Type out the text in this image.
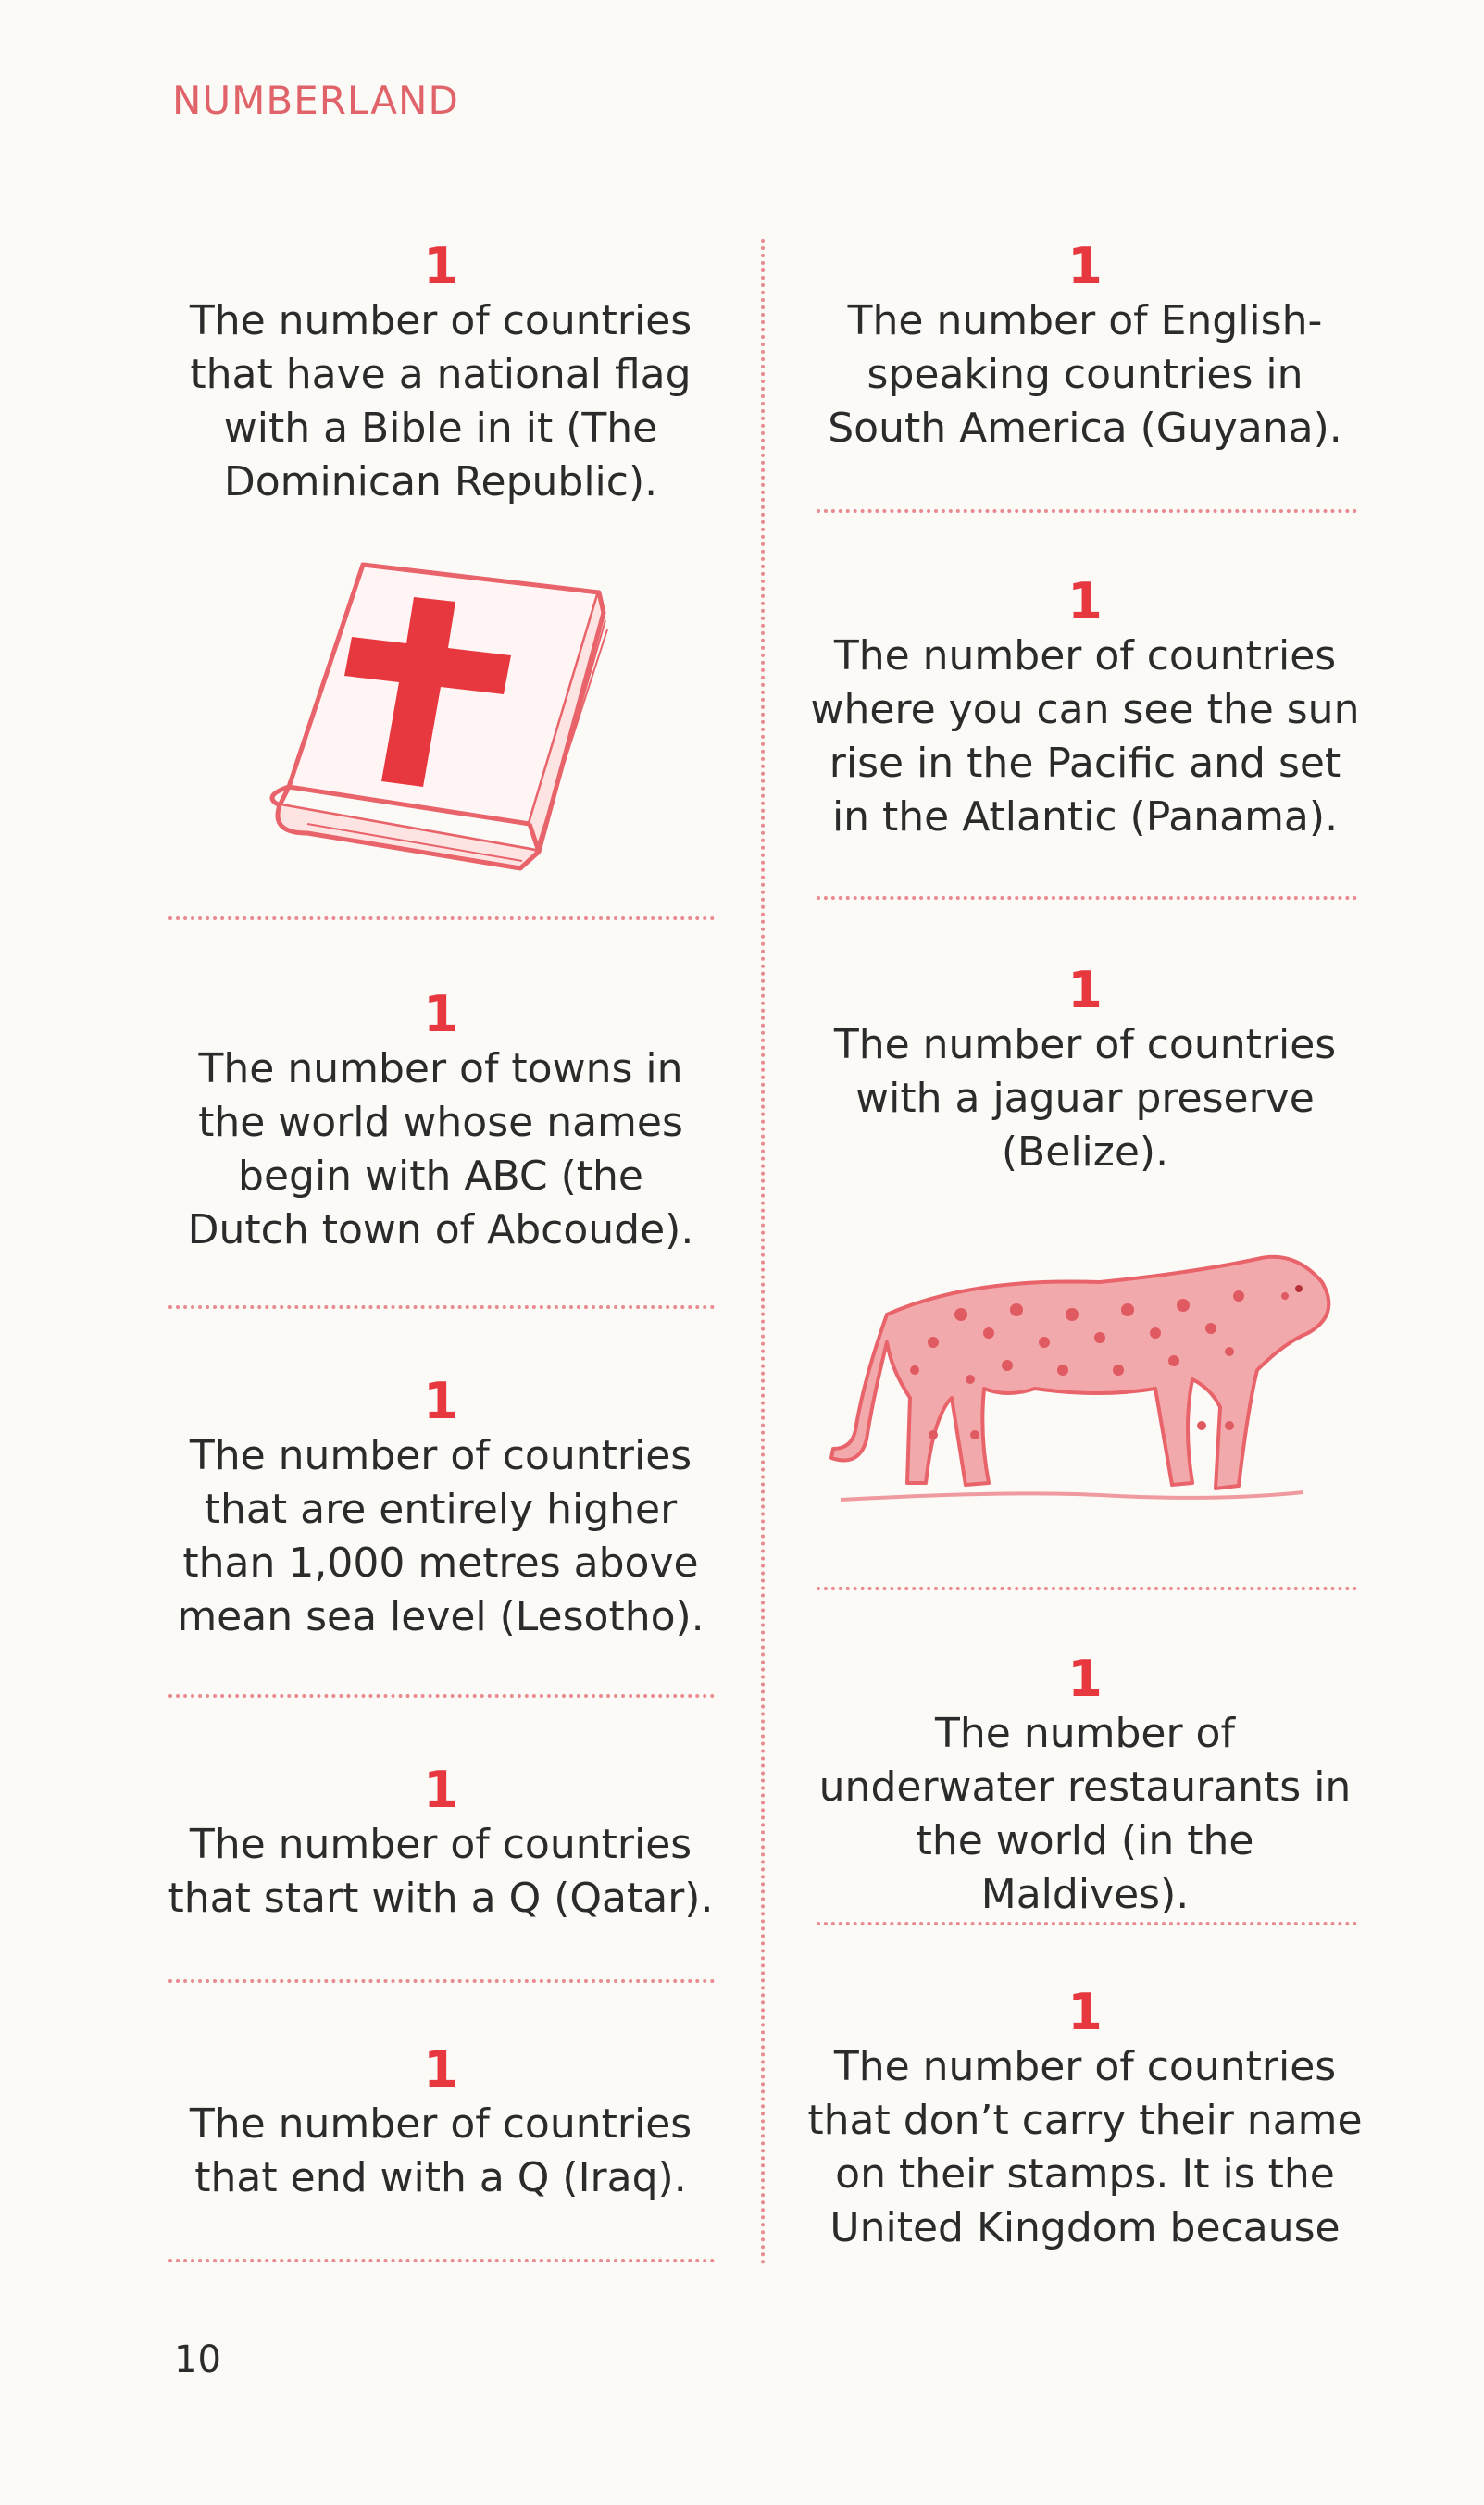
NUMBERLAND
1
The number of countries
that have a national flag
with a Bible in it (The
Dominican Republic).
1
The number of towns in
the world whose names
begin with ABC (the
Dutch town of Abcoude).
1
The number of countries
that are entirely higher
than 1,000 metres above
mean sea level (Lesotho).
1
The number of countries
that start with a Q (Qatar).
1
The number of countries
that end with a Q (Iraq).
1
The number of English-
speaking countries in
South America (Guyana).
1
The number of countries
where you can see the sun
rise in the Pacific and set
in the Atlantic (Panama).
1
The number of countries
with a jaguar preserve
(Belize).
1
The number of
underwater restaurants in
the world (in the Maldives).
1
The number of countries
that don’t carry their name
on their stamps. It is the
United Kingdom because
10
